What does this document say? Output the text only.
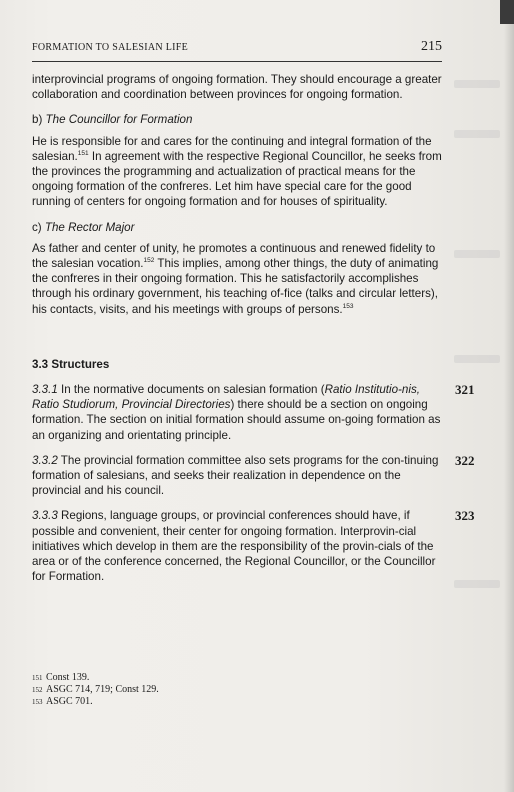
FORMATION TO SALESIAN LIFE	215

interprovincial programs of ongoing formation. They should encourage a greater collaboration and coordination between provinces for ongoing formation.

b) The Councillor for Formation

He is responsible for and cares for the continuing and integral formation of the salesian.$^{151}$ In agreement with the respective Regional Councillor, he seeks from the provinces the programming and actualization of practical means for the ongoing formation of the confreres. Let him have special care for the good running of centers for ongoing formation and for houses of spirituality.

c) The Rector Major

As father and center of unity, he promotes a continuous and renewed fidelity to the salesian vocation.$^{152}$ This implies, among other things, the duty of animating the confreres in their ongoing formation. This he satisfactorily accomplishes through his ordinary government, his teaching of-fice (talks and circular letters), his contacts, visits, and his meetings with groups of persons.$^{153}$

3.3 Structures

3.3.1 In the normative documents on salesian formation (Ratio Institutio-nis, Ratio Studiorum, Provincial Directories) there should be a section on ongoing formation. The section on initial formation should assume on-going formation as an organizing and orientating principle.
321

3.3.2 The provincial formation committee also sets programs for the con-tinuing formation of salesians, and seeks their realization in dependence on the provincial and his council.
322

3.3.3 Regions, language groups, or provincial conferences should have, if possible and convenient, their center for ongoing formation. Interprovin-cial initiatives which develop in them are the responsibility of the provin-cials of the area or of the conference concerned, the Regional Councillor, or the Councillor for Formation.
323

151 Const 139.
152 ASGC 714, 719; Const 129.
153 ASGC 701.
